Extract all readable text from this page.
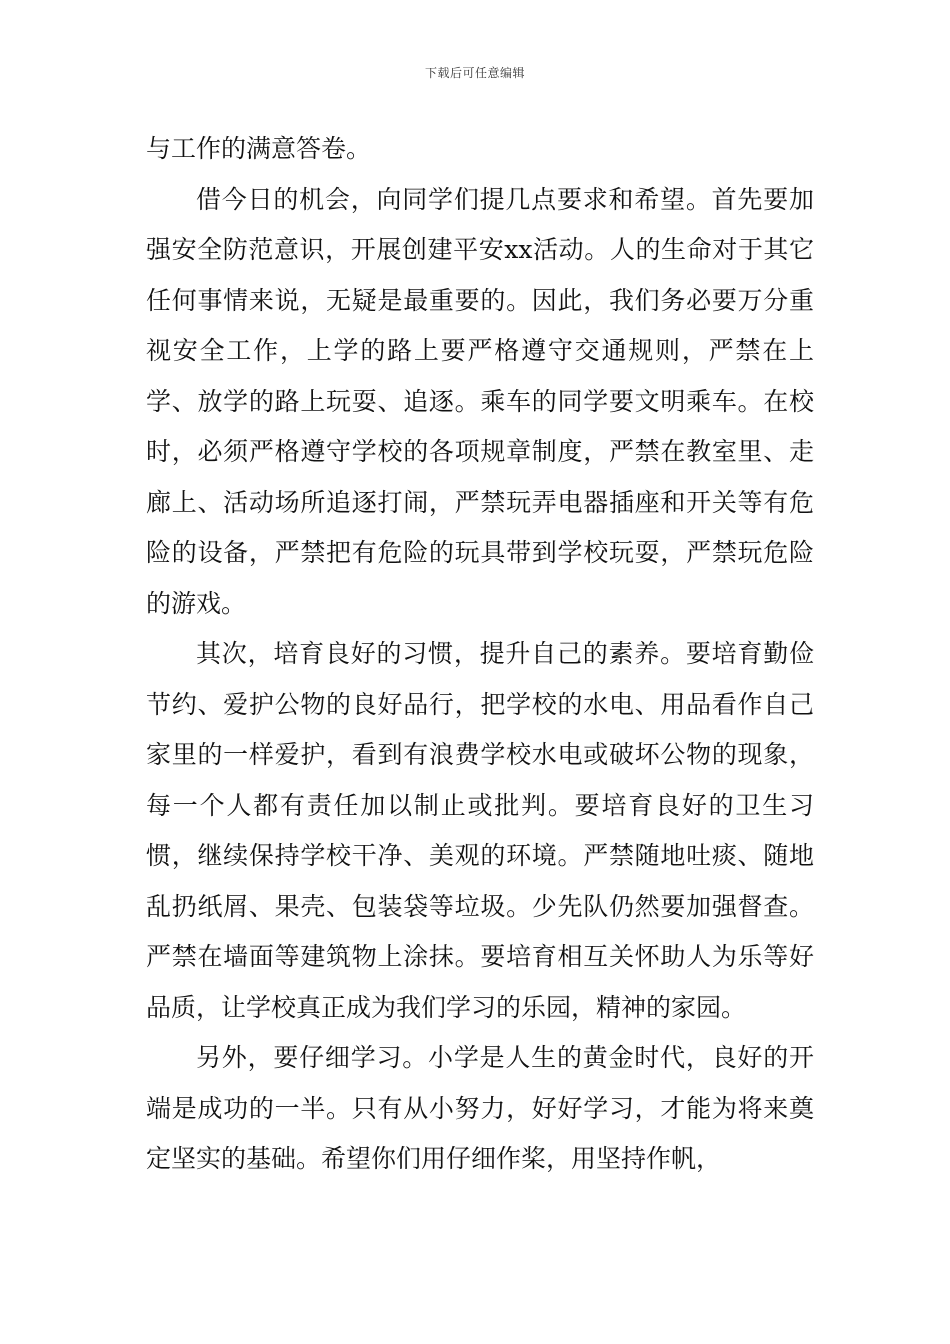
下载后可任意编辑

与工作的满意答卷。

借今日的机会，向同学们提几点要求和希望。首先要加强安全防范意识，开展创建平安xx活动。人的生命对于其它任何事情来说，无疑是最重要的。因此，我们务必要万分重视安全工作，上学的路上要严格遵守交通规则，严禁在上学、放学的路上玩耍、追逐。乘车的同学要文明乘车。在校时，必须严格遵守学校的各项规章制度，严禁在教室里、走廊上、活动场所追逐打闹，严禁玩弄电器插座和开关等有危险的设备，严禁把有危险的玩具带到学校玩耍，严禁玩危险的游戏。

其次，培育良好的习惯，提升自己的素养。要培育勤俭节约、爱护公物的良好品行，把学校的水电、用品看作自己家里的一样爱护，看到有浪费学校水电或破坏公物的现象，每一个人都有责任加以制止或批判。要培育良好的卫生习惯，继续保持学校干净、美观的环境。严禁随地吐痰、随地乱扔纸屑、果壳、包装袋等垃圾。少先队仍然要加强督查。严禁在墙面等建筑物上涂抹。要培育相互关怀助人为乐等好品质，让学校真正成为我们学习的乐园，精神的家园。

另外，要仔细学习。小学是人生的黄金时代，良好的开端是成功的一半。只有从小努力，好好学习，才能为将来奠定坚实的基础。希望你们用仔细作桨，用坚持作帆，
